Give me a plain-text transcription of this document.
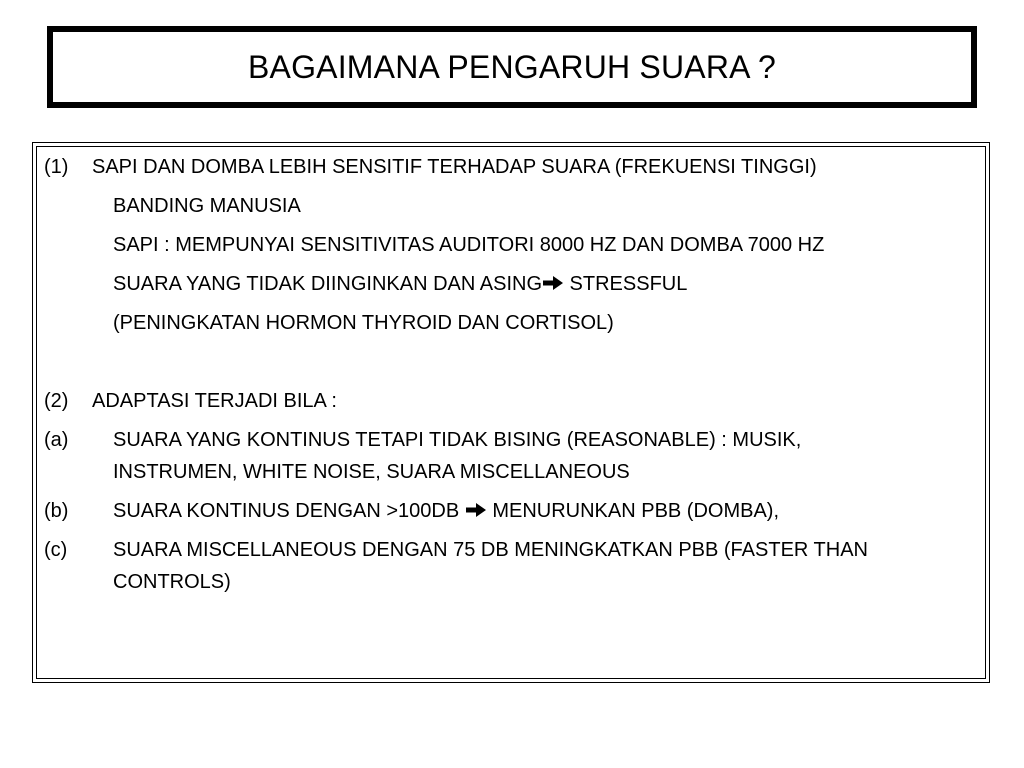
BAGAIMANA PENGARUH SUARA ?
(1) SAPI DAN DOMBA LEBIH SENSITIF TERHADAP SUARA (FREKUENSI TINGGI)
BANDING MANUSIA
SAPI : MEMPUNYAI SENSITIVITAS AUDITORI 8000 HZ DAN DOMBA 7000 HZ
SUARA YANG TIDAK DIINGINKAN DAN ASING STRESSFUL
(PENINGKATAN HORMON THYROID DAN CORTISOL)
(2) ADAPTASI TERJADI BILA :
(a) SUARA YANG KONTINUS TETAPI TIDAK BISING (REASONABLE) : MUSIK,
INSTRUMEN, WHITE NOISE, SUARA MISCELLANEOUS
(b) SUARA KONTINUS DENGAN >100DB  MENURUNKAN PBB (DOMBA),
(c) SUARA MISCELLANEOUS DENGAN 75 DB MENINGKATKAN PBB (FASTER THAN
CONTROLS)
